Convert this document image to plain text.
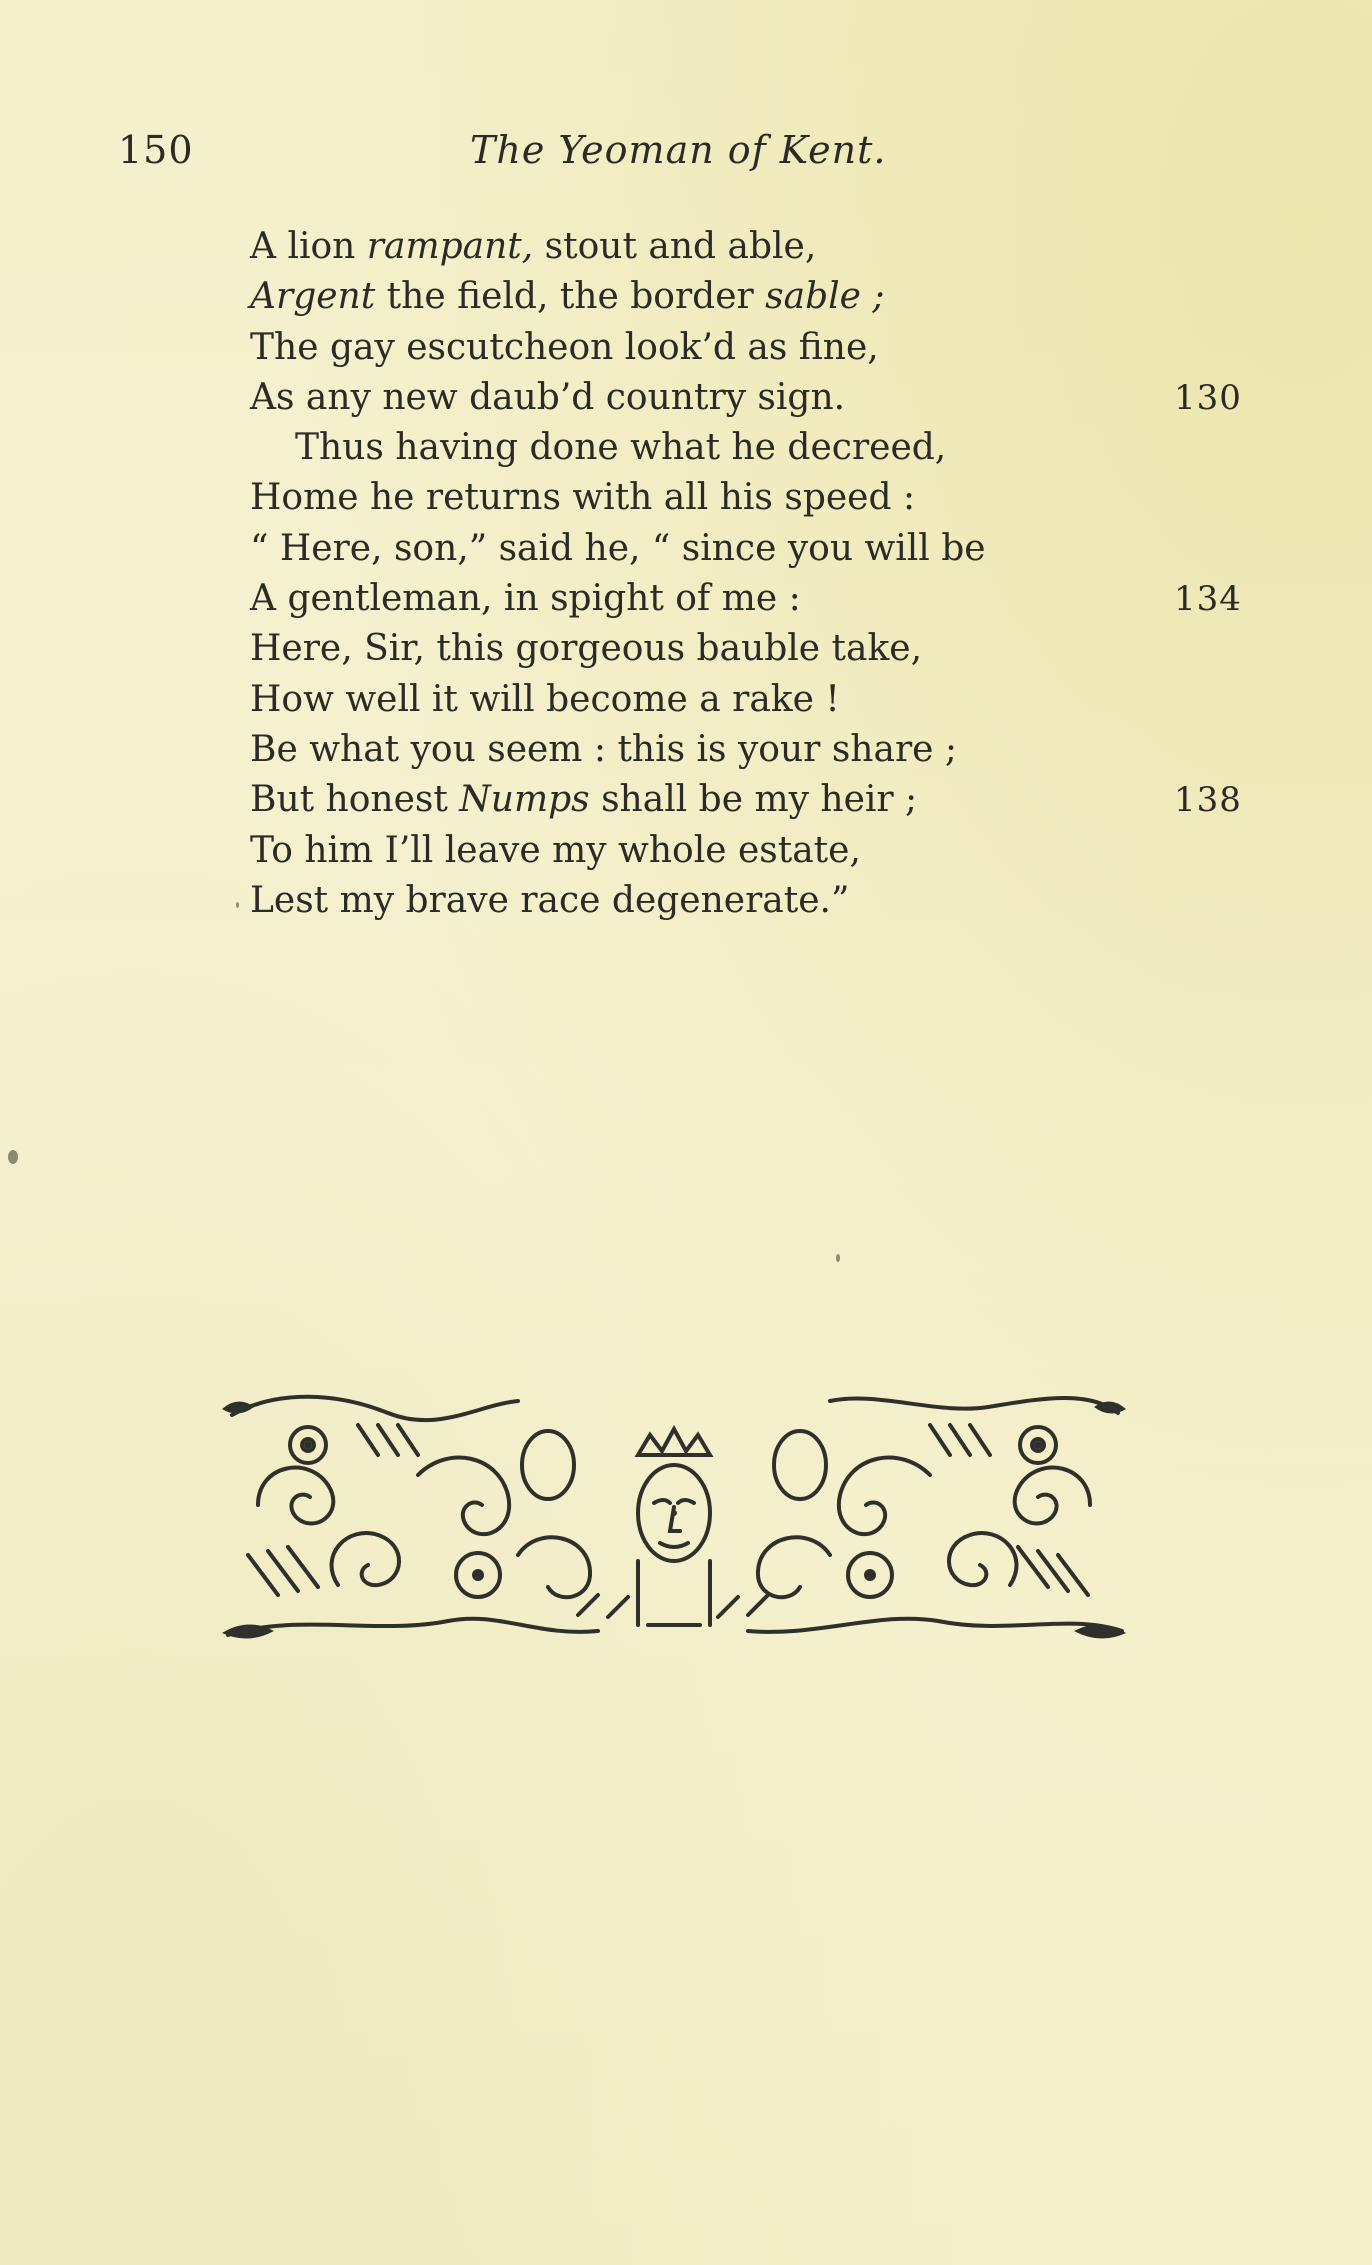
150	The Yeoman of Kent.
A lion rampant, stout and able,
Argent the field, the border sable ;
The gay escutcheon look’d as fine,
As any new daub’d country sign.	130
Thus having done what he decreed,
Home he returns with all his speed :
“ Here, son,” said he, “ since you will be
A gentleman, in spight of me :	134
Here, Sir, this gorgeous bauble take,
How well it will become a rake !
Be what you seem : this is your share ;
But honest Numps shall be my heir ;	138
To him I’ll leave my whole estate,
Lest my brave race degenerate.”
